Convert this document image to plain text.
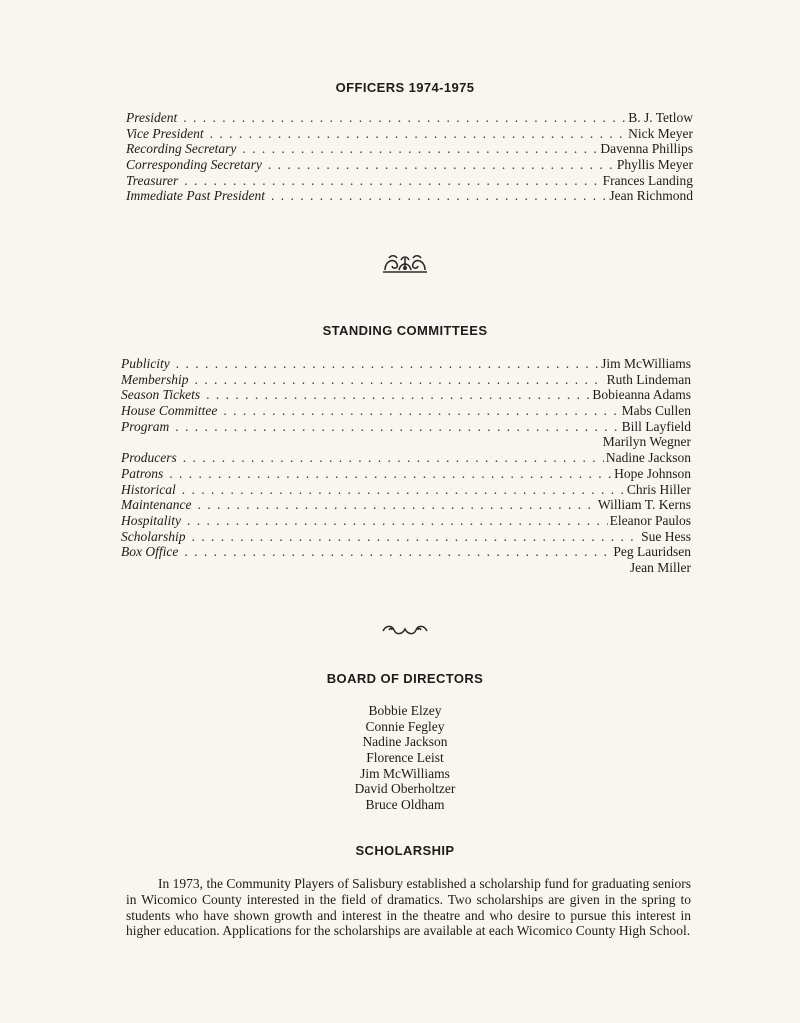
OFFICERS 1974-1975
President . . .	B. J. Tetlow
Vice President . . .	Nick Meyer
Recording Secretary . . .	Davenna Phillips
Corresponding Secretary . . .	Phyllis Meyer
Treasurer . . .	Frances Landing
Immediate Past President . . .	Jean Richmond
STANDING COMMITTEES
Publicity . . .	Jim McWilliams
Membership . . .	Ruth Lindeman
Season Tickets . . .	Bobieanna Adams
House Committee . . .	Mabs Cullen
Program . . .	Bill Layfield
Marilyn Wegner
Producers . . .	Nadine Jackson
Patrons . . .	Hope Johnson
Historical . . .	Chris Hiller
Maintenance . . .	William T. Kerns
Hospitality . . .	Eleanor Paulos
Scholarship . . .	Sue Hess
Box Office . . .	Peg Lauridsen
Jean Miller
BOARD OF DIRECTORS
Bobbie Elzey
Connie Fegley
Nadine Jackson
Florence Leist
Jim McWilliams
David Oberholtzer
Bruce Oldham
SCHOLARSHIP
In 1973, the Community Players of Salisbury established a scholarship fund for graduating seniors in Wicomico County interested in the field of dramatics. Two scholarships are given in the spring to students who have shown growth and interest in the theatre and who desire to pursue this interest in higher education. Applications for the scholarships are available at each Wicomico County High School.
